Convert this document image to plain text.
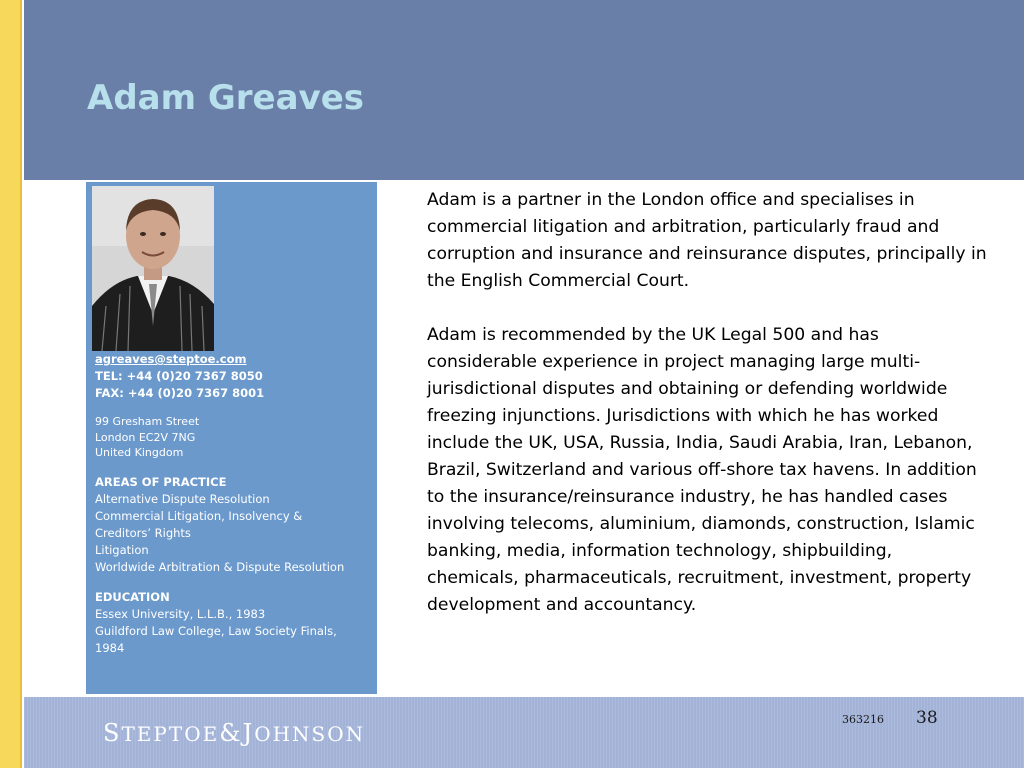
Adam Greaves
agreaves@steptoe.com
TEL: +44 (0)20 7367 8050
FAX: +44 (0)20 7367 8001
99 Gresham Street
London EC2V 7NG
United Kingdom
AREAS OF PRACTICE
Alternative Dispute Resolution
Commercial Litigation, Insolvency &
Creditors’ Rights
Litigation
Worldwide Arbitration & Dispute Resolution
EDUCATION
Essex University, L.L.B., 1983
Guildford Law College, Law Society Finals,
1984

Adam is a partner in the London office and specialises in commercial litigation and arbitration, particularly fraud and corruption and insurance and reinsurance disputes, principally in the English Commercial Court.

Adam is recommended by the UK Legal 500 and has considerable experience in project managing large multi-jurisdictional disputes and obtaining or defending worldwide freezing injunctions. Jurisdictions with which he has worked include the UK, USA, Russia, India, Saudi Arabia, Iran, Lebanon, Brazil, Switzerland and various off-shore tax havens. In addition to the insurance/reinsurance industry, he has handled cases involving telecoms, aluminium, diamonds, construction, Islamic banking, media, information technology, shipbuilding, chemicals, pharmaceuticals, recruitment, investment, property development and accountancy.

STEPTOE&JOHNSON
363216 38
